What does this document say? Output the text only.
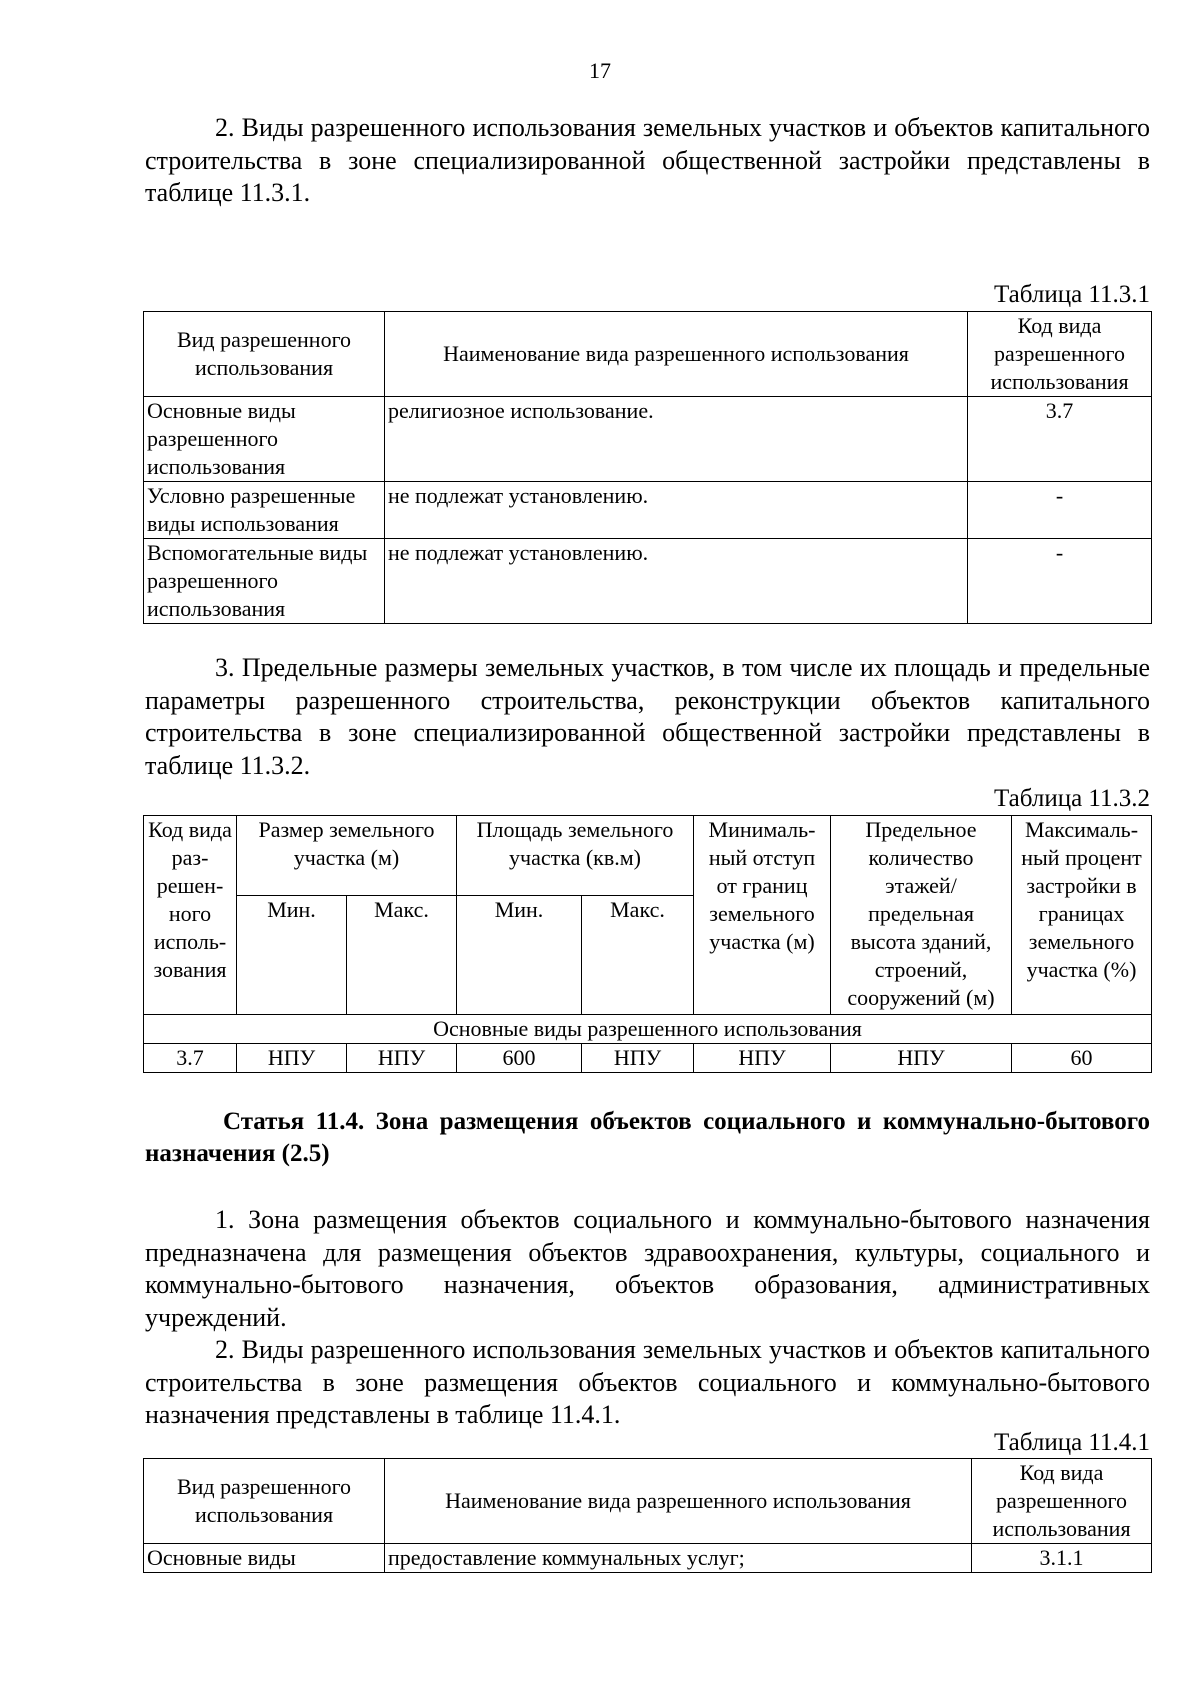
17

2. Виды разрешенного использования земельных участков и объектов капитального строительства в зоне специализированной общественной застройки представлены в таблице 11.3.1.

Таблица 11.3.1
Вид разрешенного использования	Наименование вида разрешенного использования	Код вида разрешенного использования
Основные виды разрешенного использования	религиозное использование.	3.7
Условно разрешенные виды использования	не подлежат установлению.	-
Вспомогательные виды разрешенного использования	не подлежат установлению.	-

3. Предельные размеры земельных участков, в том числе их площадь и предельные параметры разрешенного строительства, реконструкции объектов капитального строительства в зоне специализированной общественной застройки представлены в таблице 11.3.2.

Таблица 11.3.2
Код вида раз-решен-ного исполь-зования	Размер земельного участка (м)		Площадь земельного участка (кв.м)		Минималь-ный отступ от границ земельного участка (м)	Предельное количество этажей/ предельная высота зданий, строений, сооружений (м)	Максималь-ный процент застройки в границах земельного участка (%)
	Мин.	Макс.	Мин.	Макс.			
Основные виды разрешенного использования							
3.7	НПУ	НПУ	600	НПУ	НПУ	НПУ	60

Статья 11.4. Зона размещения объектов социального и коммунально-бытового назначения (2.5)

1. Зона размещения объектов социального и коммунально-бытового назначения предназначена для размещения объектов здравоохранения, культуры, социального и коммунально-бытового назначения, объектов образования, административных учреждений.

2. Виды разрешенного использования земельных участков и объектов капитального строительства в зоне размещения объектов социального и коммунально-бытового назначения представлены в таблице 11.4.1.

Таблица 11.4.1
Вид разрешенного использования	Наименование вида разрешенного использования	Код вида разрешенного использования
Основные виды	предоставление коммунальных услуг;	3.1.1
